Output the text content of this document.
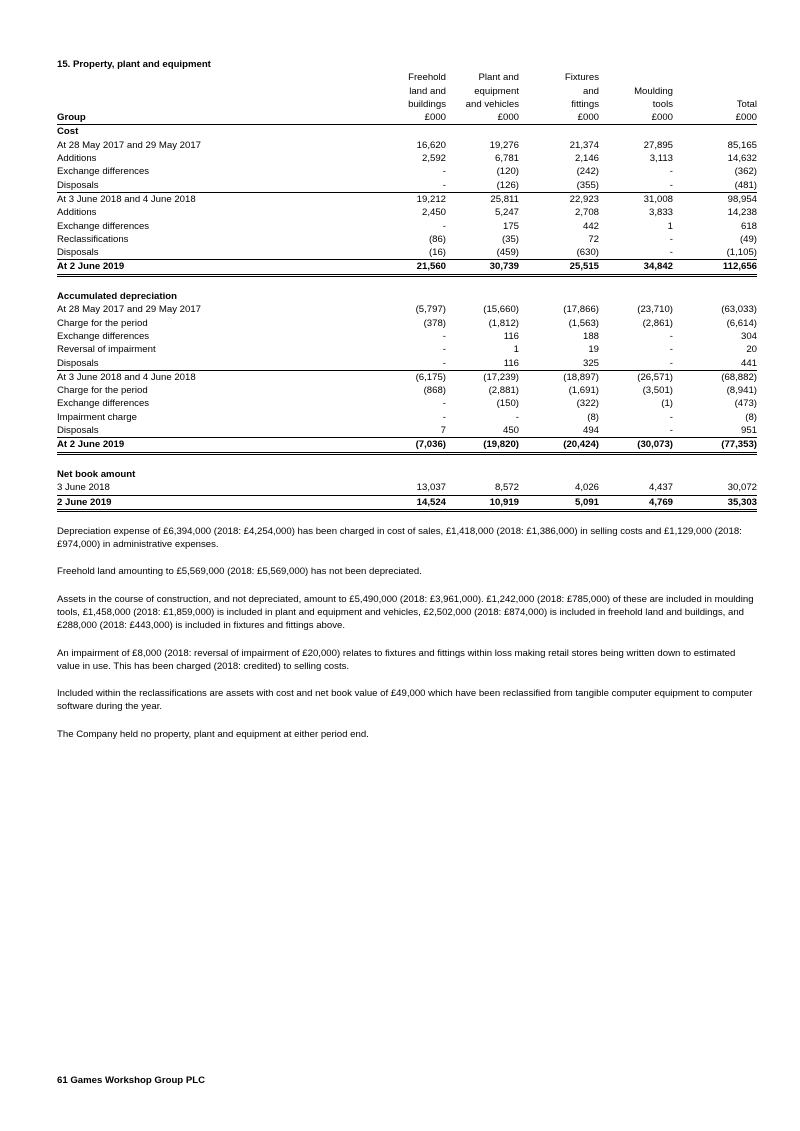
15. Property, plant and equipment
	Freehold	Plant and	Fixtures		
	land and	equipment	and	Moulding	
	buildings	and vehicles	fittings	tools	Total
Group	£000	£000	£000	£000	£000
Cost					
At 28 May 2017 and 29 May 2017	16,620	19,276	21,374	27,895	85,165
Additions	2,592	6,781	2,146	3,113	14,632
Exchange differences	-	(120)	(242)	-	(362)
Disposals	-	(126)	(355)	-	(481)
At 3 June 2018 and 4 June 2018	19,212	25,811	22,923	31,008	98,954
Additions	2,450	5,247	2,708	3,833	14,238
Exchange differences	-	175	442	1	618
Reclassifications	(86)	(35)	72	-	(49)
Disposals	(16)	(459)	(630)	-	(1,105)
At 2 June 2019	21,560	30,739	25,515	34,842	112,656

Accumulated depreciation					
At 28 May 2017 and 29 May 2017	(5,797)	(15,660)	(17,866)	(23,710)	(63,033)
Charge for the period	(378)	(1,812)	(1,563)	(2,861)	(6,614)
Exchange differences	-	116	188	-	304
Reversal of impairment	-	1	19	-	20
Disposals	-	116	325	-	441
At 3 June 2018 and 4 June 2018	(6,175)	(17,239)	(18,897)	(26,571)	(68,882)
Charge for the period	(868)	(2,881)	(1,691)	(3,501)	(8,941)
Exchange differences	-	(150)	(322)	(1)	(473)
Impairment charge	-	-	(8)	-	(8)
Disposals	7	450	494	-	951
At 2 June 2019	(7,036)	(19,820)	(20,424)	(30,073)	(77,353)

Net book amount					
3 June 2018	13,037	8,572	4,026	4,437	30,072
2 June 2019	14,524	10,919	5,091	4,769	35,303
Depreciation expense of £6,394,000 (2018: £4,254,000) has been charged in cost of sales, £1,418,000 (2018: £1,386,000) in selling costs and £1,129,000 (2018: £974,000) in administrative expenses.
Freehold land amounting to £5,569,000 (2018: £5,569,000) has not been depreciated.
Assets in the course of construction, and not depreciated, amount to £5,490,000 (2018: £3,961,000). £1,242,000 (2018: £785,000) of these are included in moulding tools, £1,458,000 (2018: £1,859,000) is included in plant and equipment and vehicles, £2,502,000 (2018: £874,000) is included in freehold land and buildings, and £288,000 (2018: £443,000) is included in fixtures and fittings above.
An impairment of £8,000 (2018: reversal of impairment of £20,000) relates to fixtures and fittings within loss making retail stores being written down to estimated value in use. This has been charged (2018: credited) to selling costs.
Included within the reclassifications are assets with cost and net book value of £49,000 which have been reclassified from tangible computer equipment to computer software during the year.
The Company held no property, plant and equipment at either period end.
61 Games Workshop Group PLC
